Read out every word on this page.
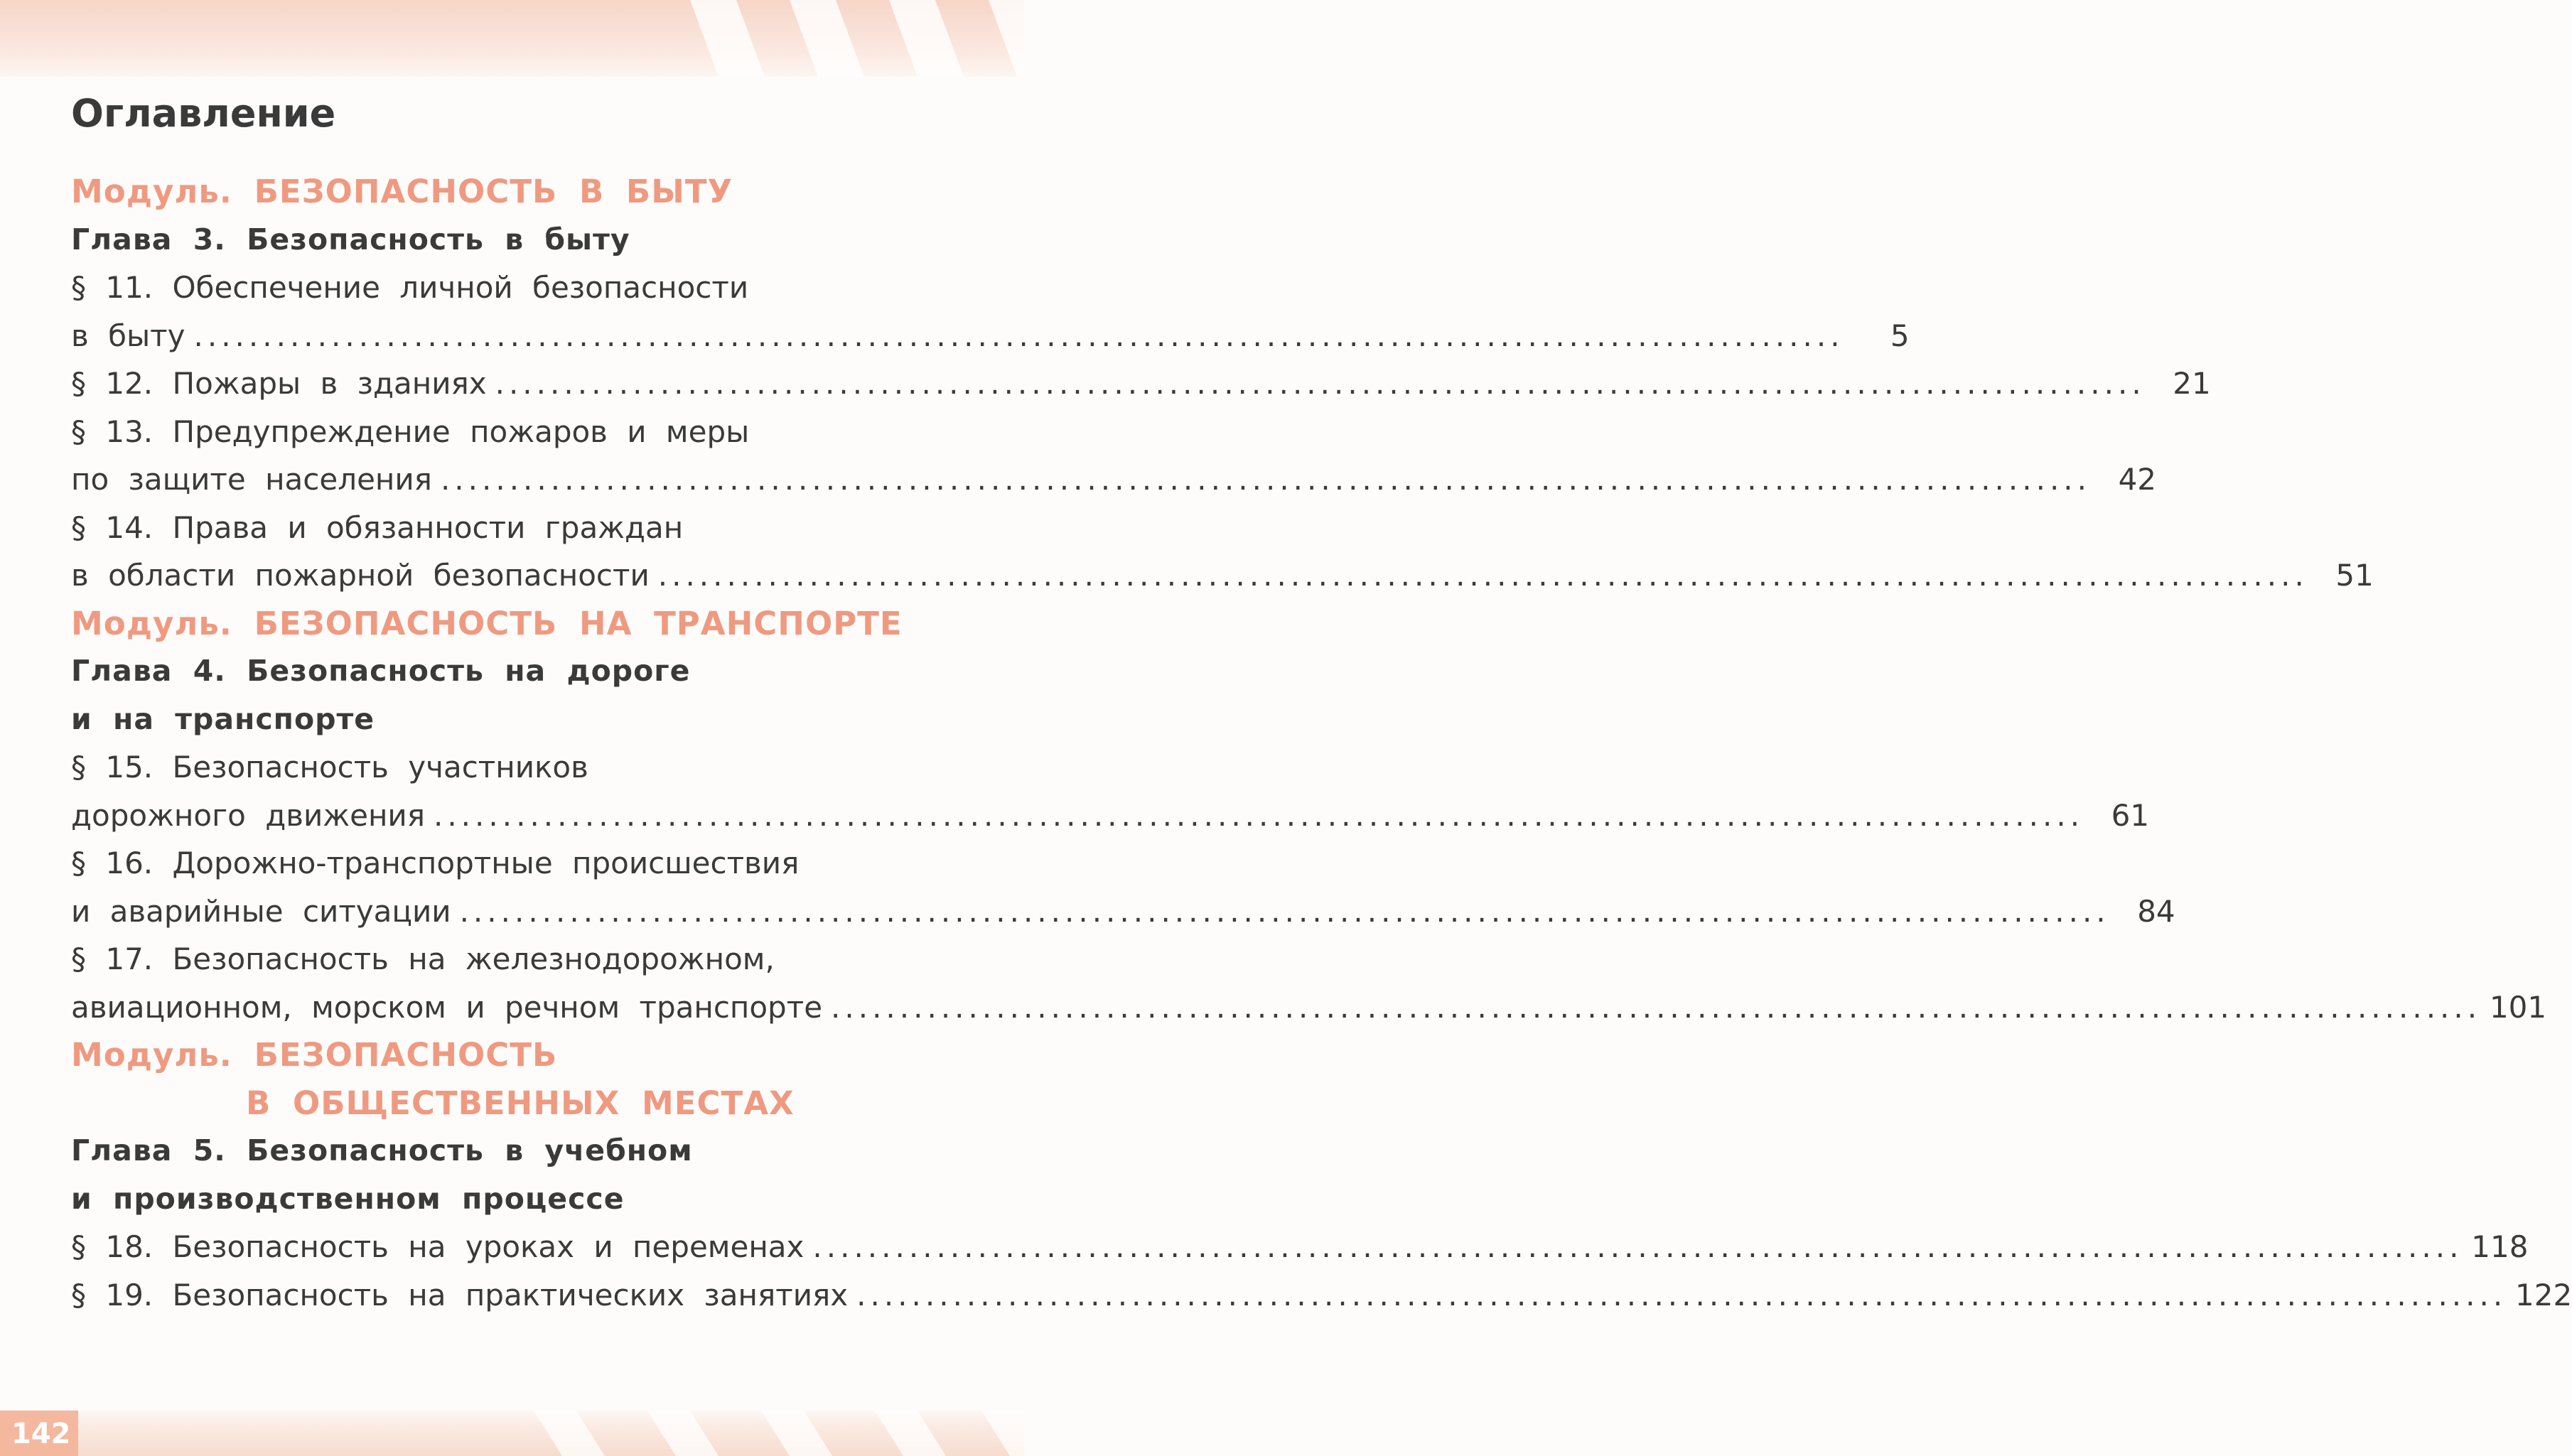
142
Оглавление
Модуль. БЕЗОПАСНОСТЬ В БЫТУ
Глава 3. Безопасность в быту
§ 11. Обеспечение личной безопасности
в быту ........................................................................................................................	5
§ 12. Пожары в зданиях ........................................................................................................................ 21
§ 13. Предупреждение пожаров и меры
по защите населения ........................................................................................................................ 42
§ 14. Права и обязанности граждан
в области пожарной безопасности ........................................................................................................................ 51
Модуль. БЕЗОПАСНОСТЬ НА ТРАНСПОРТЕ
Глава 4. Безопасность на дороге
и на транспорте
§ 15. Безопасность участников
дорожного движения ........................................................................................................................ 61
§ 16. Дорожно-транспортные происшествия
и аварийные ситуации ........................................................................................................................ 84
§ 17. Безопасность на железнодорожном,
авиационном, морском и речном транспорте ........................................................................................................................ 101
Модуль. БЕЗОПАСНОСТЬ
В ОБЩЕСТВЕННЫХ МЕСТАХ
Глава 5. Безопасность в учебном
и производственном процессе
§ 18. Безопасность на уроках и переменах ........................................................................................................................ 118
§ 19. Безопасность на практических занятиях ........................................................................................................................ 122
